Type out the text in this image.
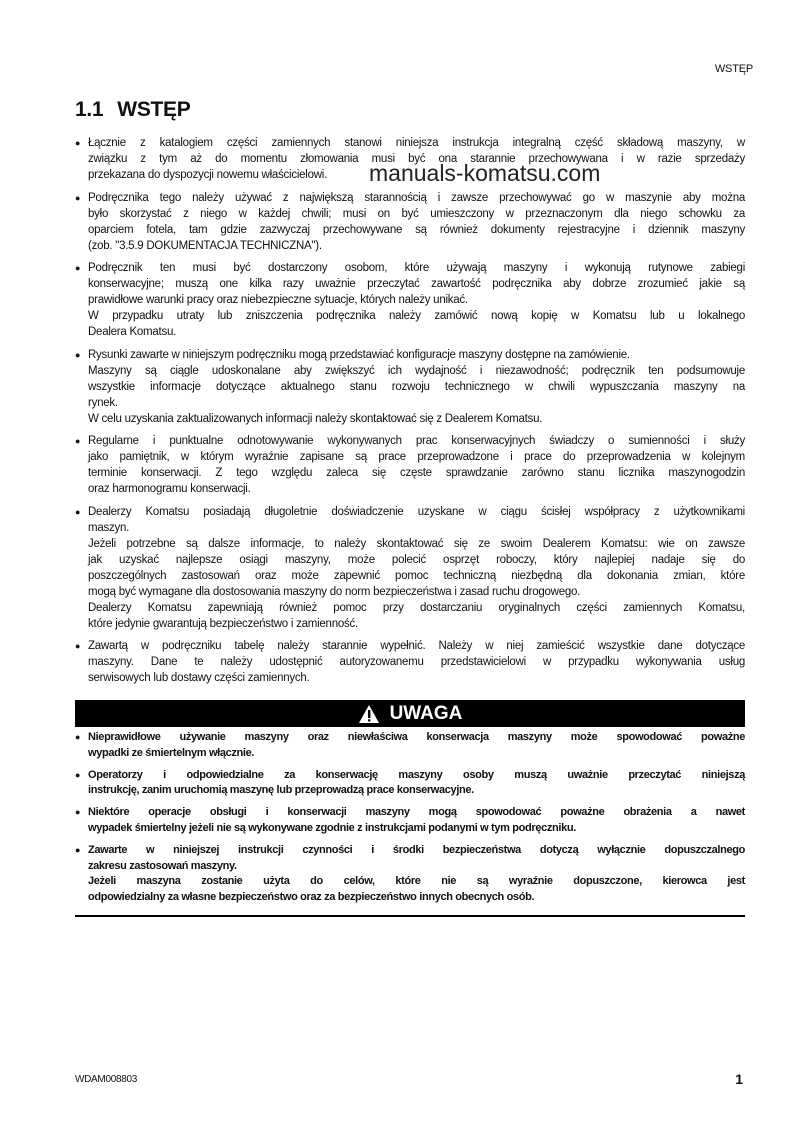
WSTĘP
1.1 WSTĘP
manuals-komatsu.com
● Łącznie z katalogiem części zamiennych stanowi niniejsza instrukcja integralną część składową maszyny, w
związku z tym aż do momentu złomowania musi być ona starannie przechowywana i w razie sprzedaży
przekazana do dyspozycji nowemu właścicielowi.
● Podręcznika tego należy używać z największą starannością i zawsze przechowywać go w maszynie aby można
było skorzystać z niego w każdej chwili; musi on być umieszczony w przeznaczonym dla niego schowku za
oparciem fotela, tam gdzie zazwyczaj przechowywane są również dokumenty rejestracyjne i dziennik maszyny
(zob. "3.5.9 DOKUMENTACJA TECHNICZNA").
● Podręcznik ten musi być dostarczony osobom, które używają maszyny i wykonują rutynowe zabiegi
konserwacyjne; muszą one kilka razy uważnie przeczytać zawartość podręcznika aby dobrze zrozumieć jakie są
prawidłowe warunki pracy oraz niebezpieczne sytuacje, których należy unikać.
W przypadku utraty lub zniszczenia podręcznika należy zamówić nową kopię w Komatsu lub u lokalnego
Dealera Komatsu.
● Rysunki zawarte w niniejszym podręczniku mogą przedstawiać konfiguracje maszyny dostępne na zamówienie.
Maszyny są ciągle udoskonalane aby zwiększyć ich wydajność i niezawodność; podręcznik ten podsumowuje
wszystkie informacje dotyczące aktualnego stanu rozwoju technicznego w chwili wypuszczania maszyny na
rynek.
W celu uzyskania zaktualizowanych informacji należy skontaktować się z Dealerem Komatsu.
● Regularne i punktualne odnotowywanie wykonywanych prac konserwacyjnych świadczy o sumienności i służy
jako pamiętnik, w którym wyraźnie zapisane są prace przeprowadzone i prace do przeprowadzenia w kolejnym
terminie konserwacji. Z tego względu zaleca się częste sprawdzanie zarówno stanu licznika maszynogodzin
oraz harmonogramu konserwacji.
● Dealerzy Komatsu posiadają długoletnie doświadczenie uzyskane w ciągu ścisłej współpracy z użytkownikami
maszyn.
Jeżeli potrzebne są dalsze informacje, to należy skontaktować się ze swoim Dealerem Komatsu: wie on zawsze
jak uzyskać najlepsze osiągi maszyny, może polecić osprzęt roboczy, który najlepiej nadaje się do
poszczególnych zastosowań oraz może zapewnić pomoc techniczną niezbędną dla dokonania zmian, które
mogą być wymagane dla dostosowania maszyny do norm bezpieczeństwa i zasad ruchu drogowego.
Dealerzy Komatsu zapewniają również pomoc przy dostarczaniu oryginalnych części zamiennych Komatsu,
które jedynie gwarantują bezpieczeństwo i zamienność.
● Zawartą w podręczniku tabelę należy starannie wypełnić. Należy w niej zamieścić wszystkie dane dotyczące
maszyny. Dane te należy udostępnić autoryzowanemu przedstawicielowi w przypadku wykonywania usług
serwisowych lub dostawy części zamiennych.
UWAGA
● Nieprawidłowe używanie maszyny oraz niewłaściwa konserwacja maszyny może spowodować poważne
wypadki ze śmiertelnym włącznie.
● Operatorzy i odpowiedzialne za konserwację maszyny osoby muszą uważnie przeczytać niniejszą
instrukcję, zanim uruchomią maszynę lub przeprowadzą prace konserwacyjne.
● Niektóre operacje obsługi i konserwacji maszyny mogą spowodować poważne obrażenia a nawet
wypadek śmiertelny jeżeli nie są wykonywane zgodnie z instrukcjami podanymi w tym podręczniku.
● Zawarte w niniejszej instrukcji czynności i środki bezpieczeństwa dotyczą wyłącznie dopuszczalnego
zakresu zastosowań maszyny.
Jeżeli maszyna zostanie użyta do celów, które nie są wyraźnie dopuszczone, kierowca jest
odpowiedzialny za własne bezpieczeństwo oraz za bezpieczeństwo innych obecnych osób.
WDAM008803	1
